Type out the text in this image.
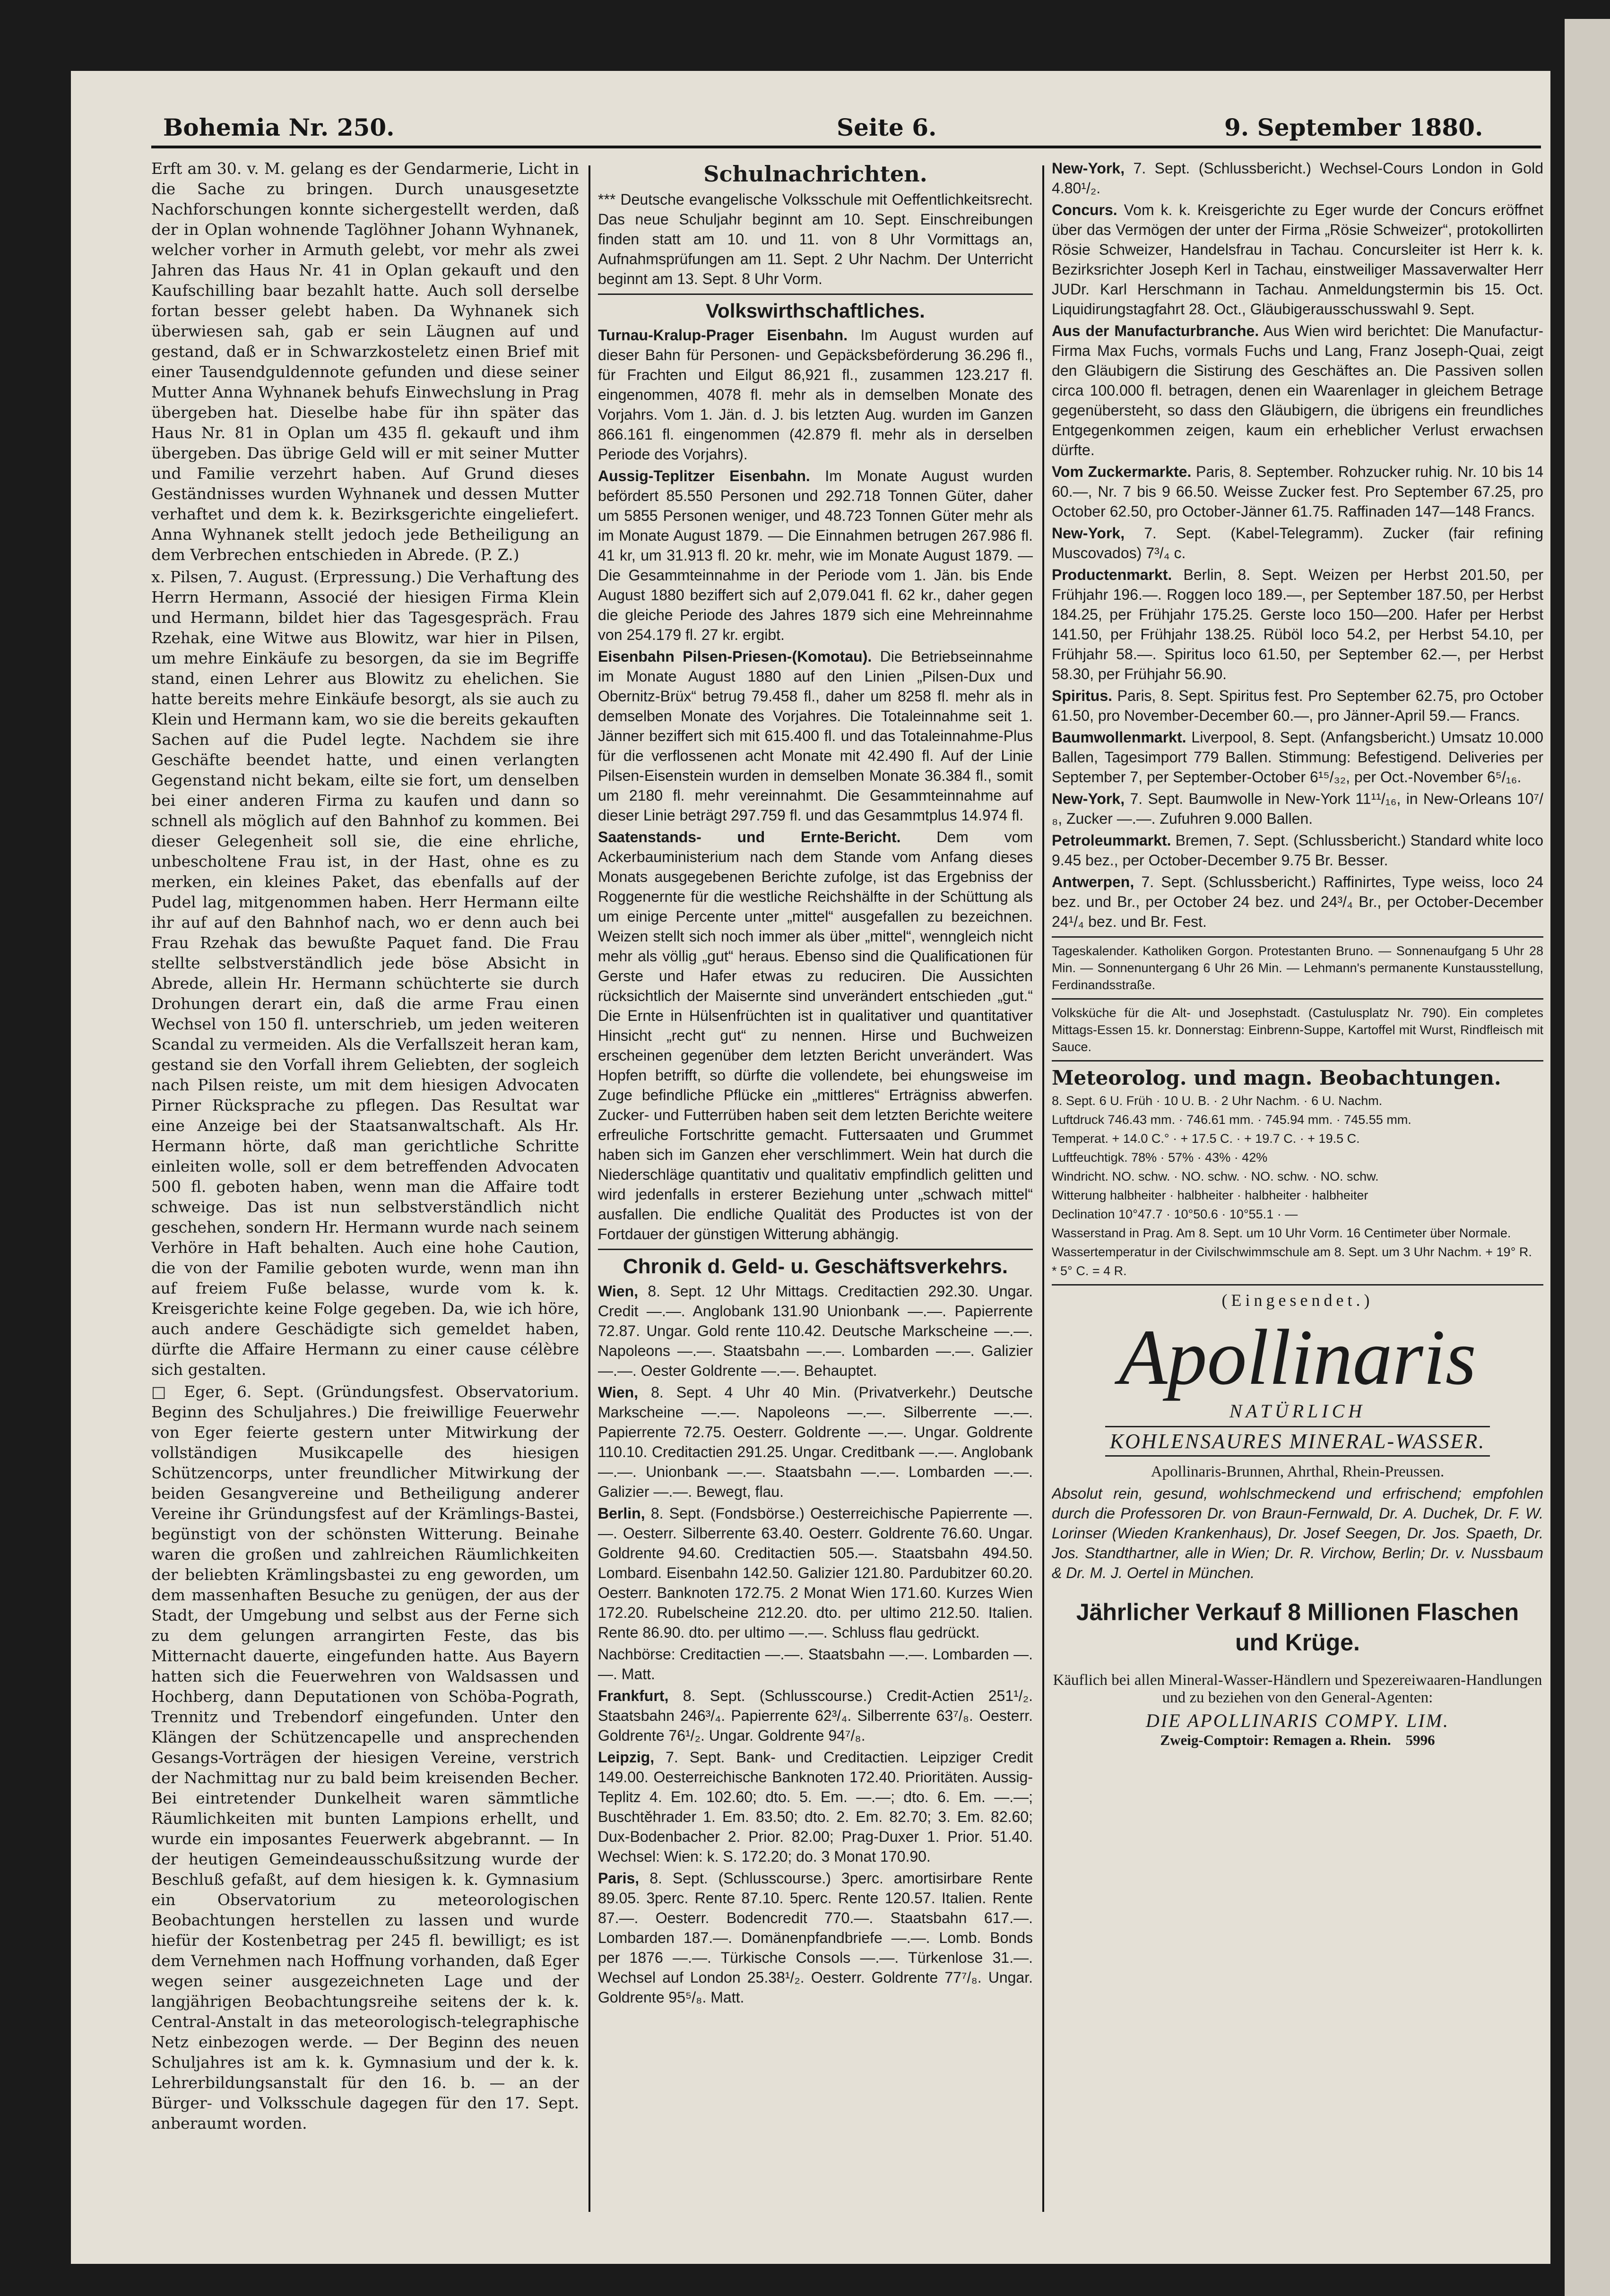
Bohemia Nr. 250.	Seite 6.	9. September 1880.

Erft am 30. v. M. gelang es der Gendarmerie, Licht in die Sache zu bringen. Durch unausgesetzte Nachforschungen konnte sichergestellt werden, daß der in Oplan wohnende Taglöhner Johann Wyhnanek, welcher vorher in Armuth gelebt, vor mehr als zwei Jahren das Haus Nr. 41 in Oplan gekauft und den Kaufschilling baar bezahlt hatte. Auch soll derselbe fortan besser gelebt haben. Da Wyhnanek sich überwiesen sah, gab er sein Läugnen auf und gestand, daß er in Schwarzkosteletz einen Brief mit einer Tausendguldennote gefunden und diese seiner Mutter Anna Wyhnanek behufs Einwechslung in Prag übergeben hat. Dieselbe habe für ihn später das Haus Nr. 81 in Oplan um 435 fl. gekauft und ihm übergeben. Das übrige Geld will er mit seiner Mutter und Familie verzehrt haben. Auf Grund dieses Geständnisses wurden Wyhnanek und dessen Mutter verhaftet und dem k. k. Bezirksgerichte eingeliefert. Anna Wyhnanek stellt jedoch jede Betheiligung an dem Verbrechen entschieden in Abrede. (P. Z.)

x. Pilsen, 7. August. (Erpressung.) Die Verhaftung des Herrn Hermann, Associé der hiesigen Firma Klein und Hermann, bildet hier das Tagesgespräch. Frau Rzehak, eine Witwe aus Blowitz, war hier in Pilsen, um mehre Einkäufe zu besorgen, da sie im Begriffe stand, einen Lehrer aus Blowitz zu ehelichen. Sie hatte bereits mehre Einkäufe besorgt, als sie auch zu Klein und Hermann kam, wo sie die bereits gekauften Sachen auf die Pudel legte. Nachdem sie ihre Geschäfte beendet hatte, und einen verlangten Gegenstand nicht bekam, eilte sie fort, um denselben bei einer anderen Firma zu kaufen und dann so schnell als möglich auf den Bahnhof zu kommen. Bei dieser Gelegenheit soll sie, die eine ehrliche, unbescholtene Frau ist, in der Hast, ohne es zu merken, ein kleines Paket, das ebenfalls auf der Pudel lag, mitgenommen haben. Herr Hermann eilte ihr auf auf den Bahnhof nach, wo er denn auch bei Frau Rzehak das bewußte Paquet fand. Die Frau stellte selbstverständlich jede böse Absicht in Abrede, allein Hr. Hermann schüchterte sie durch Drohungen derart ein, daß die arme Frau einen Wechsel von 150 fl. unterschrieb, um jeden weiteren Scandal zu vermeiden. Als die Verfallszeit heran kam, gestand sie den Vorfall ihrem Geliebten, der sogleich nach Pilsen reiste, um mit dem hiesigen Advocaten Pirner Rücksprache zu pflegen. Das Resultat war eine Anzeige bei der Staatsanwaltschaft. Als Hr. Hermann hörte, daß man gerichtliche Schritte einleiten wolle, soll er dem betreffenden Advocaten 500 fl. geboten haben, wenn man die Affaire todt schweige. Das ist nun selbstverständlich nicht geschehen, sondern Hr. Hermann wurde nach seinem Verhöre in Haft behalten. Auch eine hohe Caution, die von der Familie geboten wurde, wenn man ihn auf freiem Fuße belasse, wurde vom k. k. Kreisgerichte keine Folge gegeben. Da, wie ich höre, auch andere Geschädigte sich gemeldet haben, dürfte die Affaire Hermann zu einer cause célèbre sich gestalten.

□ Eger, 6. Sept. (Gründungsfest. Observatorium. Beginn des Schuljahres.) Die freiwillige Feuerwehr von Eger feierte gestern unter Mitwirkung der vollständigen Musikcapelle des hiesigen Schützencorps, unter freundlicher Mitwirkung der beiden Gesangvereine und Betheiligung anderer Vereine ihr Gründungsfest auf der Krämlings-Bastei, begünstigt von der schönsten Witterung. Beinahe waren die großen und zahlreichen Räumlichkeiten der beliebten Krämlingsbastei zu eng geworden, um dem massenhaften Besuche zu genügen, der aus der Stadt, der Umgebung und selbst aus der Ferne sich zu dem gelungen arrangirten Feste, das bis Mitternacht dauerte, eingefunden hatte. Aus Bayern hatten sich die Feuerwehren von Waldsassen und Hochberg, dann Deputationen von Schöba-Pograth, Trennitz und Trebendorf eingefunden. Unter den Klängen der Schützencapelle und ansprechenden Gesangs-Vorträgen der hiesigen Vereine, verstrich der Nachmittag nur zu bald beim kreisenden Becher. Bei eintretender Dunkelheit waren sämmtliche Räumlichkeiten mit bunten Lampions erhellt, und wurde ein imposantes Feuerwerk abgebrannt. — In der heutigen Gemeindeausschußsitzung wurde der Beschluß gefaßt, auf dem hiesigen k. k. Gymnasium ein Observatorium zu meteorologischen Beobachtungen herstellen zu lassen und wurde hiefür der Kostenbetrag per 245 fl. bewilligt; es ist dem Vernehmen nach Hoffnung vorhanden, daß Eger wegen seiner ausgezeichneten Lage und der langjährigen Beobachtungsreihe seitens der k. k. Central-Anstalt in das meteorologisch-telegraphische Netz einbezogen werde. — Der Beginn des neuen Schuljahres ist am k. k. Gymnasium und der k. k. Lehrerbildungsanstalt für den 16. b. — an der Bürger- und Volksschule dagegen für den 17. Sept. anberaumt worden.

Schulnachrichten.

*** Deutsche evangelische Volksschule mit Oeffentlichkeitsrecht. Das neue Schuljahr beginnt am 10. Sept. Einschreibungen finden statt am 10. und 11. von 8 Uhr Vormittags an, Aufnahmsprüfungen am 11. Sept. 2 Uhr Nachm. Der Unterricht beginnt am 13. Sept. 8 Uhr Vorm.

Volkswirthschaftliches.

Turnau-Kralup-Prager Eisenbahn. Im August wurden auf dieser Bahn für Personen- und Gepäcksbeförderung 36.296 fl., für Frachten und Eilgut 86,921 fl., zusammen 123.217 fl. eingenommen, 4078 fl. mehr als in demselben Monate des Vorjahrs. Vom 1. Jän. d. J. bis letzten Aug. wurden im Ganzen 866.161 fl. eingenommen (42.879 fl. mehr als in derselben Periode des Vorjahrs).

Aussig-Teplitzer Eisenbahn. Im Monate August wurden befördert 85.550 Personen und 292.718 Tonnen Güter, daher um 5855 Personen weniger, und 48.723 Tonnen Güter mehr als im Monate August 1879. — Die Einnahmen betrugen 267.986 fl. 41 kr, um 31.913 fl. 20 kr. mehr, wie im Monate August 1879. — Die Gesammteinnahme in der Periode vom 1. Jän. bis Ende August 1880 beziffert sich auf 2,079.041 fl. 62 kr., daher gegen die gleiche Periode des Jahres 1879 sich eine Mehreinnahme von 254.179 fl. 27 kr. ergibt.

Eisenbahn Pilsen-Priesen-(Komotau). Die Betriebseinnahme im Monate August 1880 auf den Linien „Pilsen-Dux und Obernitz-Brüx“ betrug 79.458 fl., daher um 8258 fl. mehr als in demselben Monate des Vorjahres. Die Totaleinnahme seit 1. Jänner beziffert sich mit 615.400 fl. und das Totaleinnahme-Plus für die verflossenen acht Monate mit 42.490 fl. Auf der Linie Pilsen-Eisenstein wurden in demselben Monate 36.384 fl., somit um 2180 fl. mehr vereinnahmt. Die Gesammteinnahme auf dieser Linie beträgt 297.759 fl. und das Gesammtplus 14.974 fl.

Saatenstands- und Ernte-Bericht. Dem vom Ackerbauministerium nach dem Stande vom Anfang dieses Monats ausgegebenen Berichte zufolge, ist das Ergebniss der Roggenernte für die westliche Reichshälfte in der Schüttung als um einige Percente unter „mittel“ ausgefallen zu bezeichnen. Weizen stellt sich noch immer als über „mittel“, wenngleich nicht mehr als völlig „gut“ heraus. Ebenso sind die Qualificationen für Gerste und Hafer etwas zu reduciren. Die Aussichten rücksichtlich der Maisernte sind unverändert entschieden „gut.“ Die Ernte in Hülsenfrüchten ist in qualitativer und quantitativer Hinsicht „recht gut“ zu nennen. Hirse und Buchweizen erscheinen gegenüber dem letzten Bericht unverändert. Was Hopfen betrifft, so dürfte die vollendete, bei ehungsweise im Zuge befindliche Pflücke ein „mittleres“ Erträgniss abwerfen. Zucker- und Futterrüben haben seit dem letzten Berichte weitere erfreuliche Fortschritte gemacht. Futtersaaten und Grummet haben sich im Ganzen eher verschlimmert. Wein hat durch die Niederschläge quantitativ und qualitativ empfindlich gelitten und wird jedenfalls in ersterer Beziehung unter „schwach mittel“ ausfallen. Die endliche Qualität des Productes ist von der Fortdauer der günstigen Witterung abhängig.

Chronik d. Geld- u. Geschäftsverkehrs.

Wien, 8. Sept. 12 Uhr Mittags. Creditactien 292.30. Ungar. Credit —.—. Anglobank 131.90 Unionbank —.—. Papierrente 72.87. Ungar. Gold rente 110.42. Deutsche Markscheine —.—. Napoleons —.—. Staatsbahn —.—. Lombarden —.—. Galizier —.—. Oester Goldrente —.—. Behauptet.

Wien, 8. Sept. 4 Uhr 40 Min. (Privatverkehr.) Deutsche Markscheine —.—. Napoleons —.—. Silberrente —.—. Papierrente 72.75. Oesterr. Goldrente —.—. Ungar. Goldrente 110.10. Creditactien 291.25. Ungar. Creditbank —.—. Anglobank —.—. Unionbank —.—. Staatsbahn —.—. Lombarden —.—. Galizier —.—. Bewegt, flau.

Berlin, 8. Sept. (Fondsbörse.) Oesterreichische Papierrente —.—. Oesterr. Silberrente 63.40. Oesterr. Goldrente 76.60. Ungar. Goldrente 94.60. Creditactien 505.—. Staatsbahn 494.50. Lombard. Eisenbahn 142.50. Galizier 121.80. Pardubitzer 60.20. Oesterr. Banknoten 172.75. 2 Monat Wien 171.60. Kurzes Wien 172.20. Rubelscheine 212.20. dto. per ultimo 212.50. Italien. Rente 86.90. dto. per ultimo —.—. Schluss flau gedrückt.

Nachbörse: Creditactien —.—. Staatsbahn —.—. Lombarden —.—. Matt.

Frankfurt, 8. Sept. (Schlusscourse.) Credit-Actien 251¹/₂. Staatsbahn 246³/₄. Papierrente 62³/₄. Silberrente 63⁷/₈. Oesterr. Goldrente 76¹/₂. Ungar. Goldrente 94⁷/₈.

Leipzig, 7. Sept. Bank- und Creditactien. Leipziger Credit 149.00. Oesterreichische Banknoten 172.40. Prioritäten. Aussig-Teplitz 4. Em. 102.60; dto. 5. Em. —.—; dto. 6. Em. —.—; Buschtěhrader 1. Em. 83.50; dto. 2. Em. 82.70; 3. Em. 82.60; Dux-Bodenbacher 2. Prior. 82.00; Prag-Duxer 1. Prior. 51.40. Wechsel: Wien: k. S. 172.20; do. 3 Monat 170.90.

Paris, 8. Sept. (Schlusscourse.) 3perc. amortisirbare Rente 89.05. 3perc. Rente 87.10. 5perc. Rente 120.57. Italien. Rente 87.—. Oesterr. Bodencredit 770.—. Staatsbahn 617.—. Lombarden 187.—. Domänenpfandbriefe —.—. Lomb. Bonds per 1876 —.—. Türkische Consols —.—. Türkenlose 31.—. Wechsel auf London 25.38¹/₂. Oesterr. Goldrente 77⁷/₈. Ungar. Goldrente 95⁵/₈. Matt.

New-York, 7. Sept. (Schlussbericht.) Wechsel-Cours London in Gold 4.80¹/₂.

Concurs. Vom k. k. Kreisgerichte zu Eger wurde der Concurs eröffnet über das Vermögen der unter der Firma „Rösie Schweizer“, protokollirten Rösie Schweizer, Handelsfrau in Tachau. Concursleiter ist Herr k. k. Bezirksrichter Joseph Kerl in Tachau, einstweiliger Massaverwalter Herr JUDr. Karl Herschmann in Tachau. Anmeldungstermin bis 15. Oct. Liquidirungstagfahrt 28. Oct., Gläubigerausschusswahl 9. Sept.

Aus der Manufacturbranche. Aus Wien wird berichtet: Die Manufactur-Firma Max Fuchs, vormals Fuchs und Lang, Franz Joseph-Quai, zeigt den Gläubigern die Sistirung des Geschäftes an. Die Passiven sollen circa 100.000 fl. betragen, denen ein Waarenlager in gleichem Betrage gegenübersteht, so dass den Gläubigern, die übrigens ein freundliches Entgegenkommen zeigen, kaum ein erheblicher Verlust erwachsen dürfte.

Vom Zuckermarkte. Paris, 8. September. Rohzucker ruhig. Nr. 10 bis 14 60.—, Nr. 7 bis 9 66.50. Weisse Zucker fest. Pro September 67.25, pro October 62.50, pro October-Jänner 61.75. Raffinaden 147—148 Francs.

New-York, 7. Sept. (Kabel-Telegramm). Zucker (fair refining Muscovados) 7³/₄ c.

Productenmarkt. Berlin, 8. Sept. Weizen per Herbst 201.50, per Frühjahr 196.—. Roggen loco 189.—, per September 187.50, per Herbst 184.25, per Frühjahr 175.25. Gerste loco 150—200. Hafer per Herbst 141.50, per Frühjahr 138.25. Rüböl loco 54.2, per Herbst 54.10, per Frühjahr 58.—. Spiritus loco 61.50, per September 62.—, per Herbst 58.30, per Frühjahr 56.90.

Spiritus. Paris, 8. Sept. Spiritus fest. Pro September 62.75, pro October 61.50, pro November-December 60.—, pro Jänner-April 59.— Francs.

Baumwollenmarkt. Liverpool, 8. Sept. (Anfangsbericht.) Umsatz 10.000 Ballen, Tagesimport 779 Ballen. Stimmung: Befestigend. Deliveries per September 7, per September-October 6¹⁵/₃₂, per Oct.-November 6⁵/₁₆.

New-York, 7. Sept. Baumwolle in New-York 11¹¹/₁₆, in New-Orleans 10⁷/₈, Zucker —.—. Zufuhren 9.000 Ballen.

Petroleummarkt. Bremen, 7. Sept. (Schlussbericht.) Standard white loco 9.45 bez., per October-December 9.75 Br. Besser.

Antwerpen, 7. Sept. (Schlussbericht.) Raffinirtes, Type weiss, loco 24 bez. und Br., per October 24 bez. und 24³/₄ Br., per October-December 24¹/₄ bez. und Br. Fest.

Tageskalender. Katholiken Gorgon. Protestanten Bruno. — Sonnenaufgang 5 Uhr 28 Min. — Sonnenuntergang 6 Uhr 26 Min. — Lehmann's permanente Kunstausstellung, Ferdinandsstraße.

Volksküche für die Alt- und Josephstadt. (Castulusplatz Nr. 790). Ein completes Mittags-Essen 15. kr. Donnerstag: Einbrenn-Suppe, Kartoffel mit Wurst, Rindfleisch mit Sauce.

Meteorolog. und magn. Beobachtungen.

8. Sept. 6 U. Früh · 10 U. B. · 2 Uhr Nachm. · 6 U. Nachm.

Luftdruck 746.43 mm. · 746.61 mm. · 745.94 mm. · 745.55 mm.

Temperat. + 14.0 C.° · + 17.5 C. · + 19.7 C. · + 19.5 C.

Luftfeuchtigk. 78% · 57% · 43% · 42%

Windricht. NO. schw. · NO. schw. · NO. schw. · NO. schw.

Witterung halbheiter · halbheiter · halbheiter · halbheiter

Declination 10°47.7 · 10°50.6 · 10°55.1 · —

Wasserstand in Prag. Am 8. Sept. um 10 Uhr Vorm. 16 Centimeter über Normale.

Wassertemperatur in der Civilschwimmschule am 8. Sept. um 3 Uhr Nachm. + 19° R.

* 5° C. = 4 R.

(Eingesendet.)
Apollinaris
NATÜRLICH
KOHLENSAURES MINERAL-WASSER.
Apollinaris-Brunnen, Ahrthal, Rhein-Preussen.

Absolut rein, gesund, wohlschmeckend und erfrischend; empfohlen durch die Professoren Dr. von Braun-Fernwald, Dr. A. Duchek, Dr. F. W. Lorinser (Wieden Krankenhaus), Dr. Josef Seegen, Dr. Jos. Spaeth, Dr. Jos. Standthartner, alle in Wien; Dr. R. Virchow, Berlin; Dr. v. Nussbaum & Dr. M. J. Oertel in München.

Jährlicher Verkauf 8 Millionen Flaschen und Krüge.
Käuflich bei allen Mineral-Wasser-Händlern und Spezereiwaaren-Handlungen und zu beziehen von den General-Agenten:
DIE APOLLINARIS COMPY. LIM.
Zweig-Comptoir: Remagen a. Rhein. 5996
